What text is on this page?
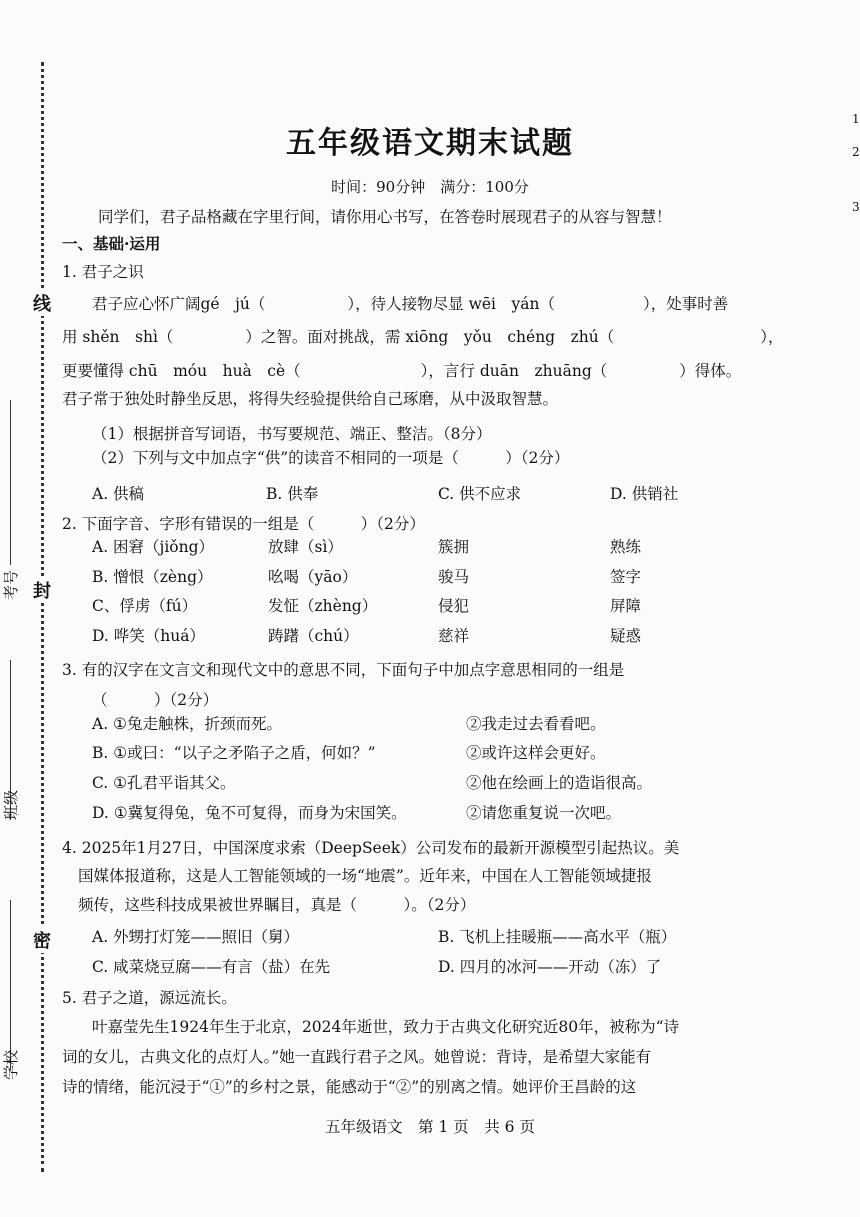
线
封
密
考号
班级
学校
1
2
3
五年级语文期末试题
时间：90分钟　满分：100分
同学们，君子品格藏在字里行间，请你用心书写，在答卷时展现君子的从容与智慧！
一、基础·运用
1. 君子之识
君子应心怀广阔gé　jú（	），待人接物尽显 wēi　yán（	），处事时善
用 shěn　shì（	）之智。面对挑战，需 xiōng　yǒu　chéng　zhú（	），
更要懂得 chū　móu　huà　cè（	），言行 duān　zhuāng（	）得体。
君子常于独处时静坐反思，将得失经验提供给自己琢磨，从中汲取智慧。
（1）根据拼音写词语，书写要规范、端正、整洁。（8分）
（2）下列与文中加点字“供”的读音不相同的一项是（　　　）（2分）
A. 供稿	B. 供奉	C. 供不应求	D. 供销社
2. 下面字音、字形有错误的一组是（　　　）（2分）
A. 困窘（jiǒng）	放肆（sì）	簇拥	熟练
B. 憎恨（zèng）	吆喝（yāo）	骏马	签字
C、俘虏（fú）	发怔（zhèng）	侵犯	屏障
D. 哗笑（huá）	踌躇（chú）	慈祥	疑惑
3. 有的汉字在文言文和现代文中的意思不同，下面句子中加点字意思相同的一组是
（　　　）（2分）
A. ①兔走触株，折颈而死。	②我走过去看看吧。
B. ①或曰：“以子之矛陷子之盾，何如？”	②或许这样会更好。
C. ①孔君平诣其父。	②他在绘画上的造诣很高。
D. ①冀复得兔，兔不可复得，而身为宋国笑。	②请您重复说一次吧。
4. 2025年1月27日，中国深度求索（DeepSeek）公司发布的最新开源模型引起热议。美
国媒体报道称，这是人工智能领域的一场“地震”。近年来，中国在人工智能领域捷报
频传，这些科技成果被世界瞩目，真是（　　　）。（2分）
A. 外甥打灯笼——照旧（舅）	B. 飞机上挂暖瓶——高水平（瓶）
C. 咸菜烧豆腐——有言（盐）在先	D. 四月的冰河——开动（冻）了
5. 君子之道，源远流长。
叶嘉莹先生1924年生于北京，2024年逝世，致力于古典文化研究近80年，被称为“诗
词的女儿，古典文化的点灯人。”她一直践行君子之风。她曾说：背诗，是希望大家能有
诗的情绪，能沉浸于“①”的乡村之景，能感动于“②”的别离之情。她评价王昌龄的这
五年级语文　第 1 页　共 6 页
